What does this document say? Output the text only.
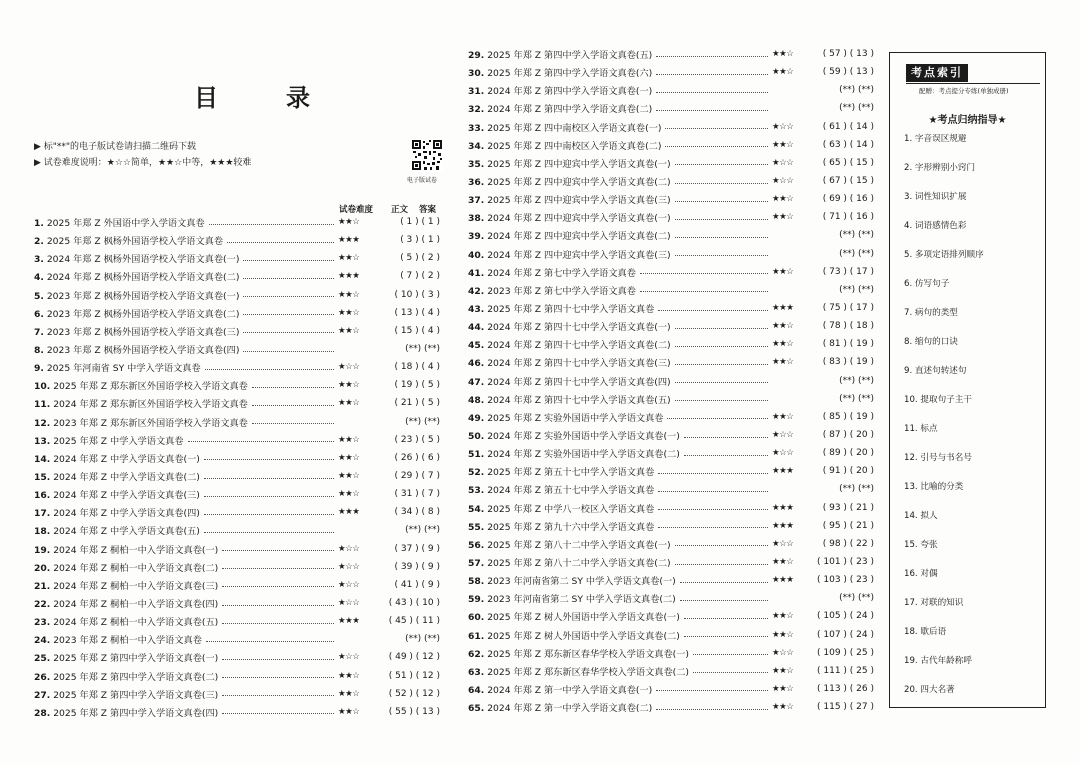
目　录
▶ 标"**"的电子版试卷请扫描二维码下载
▶ 试卷难度说明：★☆☆简单，★★☆中等，★★★较难
电子版试卷
试卷难度 正文 答案
1. 2025 年郑 Z 外国语中学入学语文真卷	★★☆	( 1 ) ( 1 )
2. 2025 年郑 Z 枫杨外国语学校入学语文真卷	★★★	( 3 ) ( 1 )
3. 2024 年郑 Z 枫杨外国语学校入学语文真卷(一)	★★☆	( 5 ) ( 2 )
4. 2024 年郑 Z 枫杨外国语学校入学语文真卷(二)	★★★	( 7 ) ( 2 )
5. 2023 年郑 Z 枫杨外国语学校入学语文真卷(一)	★★☆	( 10 ) ( 3 )
6. 2023 年郑 Z 枫杨外国语学校入学语文真卷(二)	★★☆	( 13 ) ( 4 )
7. 2023 年郑 Z 枫杨外国语学校入学语文真卷(三)	★★☆	( 15 ) ( 4 )
8. 2023 年郑 Z 枫杨外国语学校入学语文真卷(四)	(**) (**)
9. 2025 年河南省 SY 中学入学语文真卷	★☆☆	( 18 ) ( 4 )
10. 2025 年郑 Z 郑东新区外国语学校入学语文真卷	★★☆	( 19 ) ( 5 )
11. 2024 年郑 Z 郑东新区外国语学校入学语文真卷	★★☆	( 21 ) ( 5 )
12. 2023 年郑 Z 郑东新区外国语学校入学语文真卷	(**) (**)
13. 2025 年郑 Z 中学入学语文真卷	★★☆	( 23 ) ( 5 )
14. 2024 年郑 Z 中学入学语文真卷(一)	★★☆	( 26 ) ( 6 )
15. 2024 年郑 Z 中学入学语文真卷(二)	★★☆	( 29 ) ( 7 )
16. 2024 年郑 Z 中学入学语文真卷(三)	★★☆	( 31 ) ( 7 )
17. 2024 年郑 Z 中学入学语文真卷(四)	★★★	( 34 ) ( 8 )
18. 2024 年郑 Z 中学入学语文真卷(五)	(**) (**)
19. 2024 年郑 Z 桐柏一中入学语文真卷(一)	★☆☆	( 37 ) ( 9 )
20. 2024 年郑 Z 桐柏一中入学语文真卷(二)	★☆☆	( 39 ) ( 9 )
21. 2024 年郑 Z 桐柏一中入学语文真卷(三)	★☆☆	( 41 ) ( 9 )
22. 2024 年郑 Z 桐柏一中入学语文真卷(四)	★☆☆	( 43 ) ( 10 )
23. 2024 年郑 Z 桐柏一中入学语文真卷(五)	★★★	( 45 ) ( 11 )
24. 2023 年郑 Z 桐柏一中入学语文真卷	(**) (**)
25. 2025 年郑 Z 第四中学入学语文真卷(一)	★☆☆	( 49 ) ( 12 )
26. 2025 年郑 Z 第四中学入学语文真卷(二)	★★☆	( 51 ) ( 12 )
27. 2025 年郑 Z 第四中学入学语文真卷(三)	★★☆	( 52 ) ( 12 )
28. 2025 年郑 Z 第四中学入学语文真卷(四)	★★☆	( 55 ) ( 13 )
29. 2025 年郑 Z 第四中学入学语文真卷(五)	★★☆	( 57 ) ( 13 )
30. 2025 年郑 Z 第四中学入学语文真卷(六)	★★☆	( 59 ) ( 13 )
31. 2024 年郑 Z 第四中学入学语文真卷(一)	(**) (**)
32. 2024 年郑 Z 第四中学入学语文真卷(二)	(**) (**)
33. 2025 年郑 Z 四中南校区入学语文真卷(一)	★☆☆	( 61 ) ( 14 )
34. 2025 年郑 Z 四中南校区入学语文真卷(二)	★★☆	( 63 ) ( 14 )
35. 2025 年郑 Z 四中迎宾中学入学语文真卷(一)	★☆☆	( 65 ) ( 15 )
36. 2025 年郑 Z 四中迎宾中学入学语文真卷(二)	★☆☆	( 67 ) ( 15 )
37. 2025 年郑 Z 四中迎宾中学入学语文真卷(三)	★★☆	( 69 ) ( 16 )
38. 2024 年郑 Z 四中迎宾中学入学语文真卷(一)	★★☆	( 71 ) ( 16 )
39. 2024 年郑 Z 四中迎宾中学入学语文真卷(二)	(**) (**)
40. 2024 年郑 Z 四中迎宾中学入学语文真卷(三)	(**) (**)
41. 2024 年郑 Z 第七中学入学语文真卷	★★☆	( 73 ) ( 17 )
42. 2023 年郑 Z 第七中学入学语文真卷	(**) (**)
43. 2025 年郑 Z 第四十七中学入学语文真卷	★★★	( 75 ) ( 17 )
44. 2024 年郑 Z 第四十七中学入学语文真卷(一)	★★☆	( 78 ) ( 18 )
45. 2024 年郑 Z 第四十七中学入学语文真卷(二)	★★☆	( 81 ) ( 19 )
46. 2024 年郑 Z 第四十七中学入学语文真卷(三)	★★☆	( 83 ) ( 19 )
47. 2024 年郑 Z 第四十七中学入学语文真卷(四)	(**) (**)
48. 2024 年郑 Z 第四十七中学入学语文真卷(五)	(**) (**)
49. 2025 年郑 Z 实验外国语中学入学语文真卷	★★☆	( 85 ) ( 19 )
50. 2024 年郑 Z 实验外国语中学入学语文真卷(一)	★☆☆	( 87 ) ( 20 )
51. 2024 年郑 Z 实验外国语中学入学语文真卷(二)	★☆☆	( 89 ) ( 20 )
52. 2025 年郑 Z 第五十七中学入学语文真卷	★★★	( 91 ) ( 20 )
53. 2024 年郑 Z 第五十七中学入学语文真卷	(**) (**)
54. 2025 年郑 Z 中学八一校区入学语文真卷	★★★	( 93 ) ( 21 )
55. 2025 年郑 Z 第九十六中学入学语文真卷	★★★	( 95 ) ( 21 )
56. 2025 年郑 Z 第八十二中学入学语文真卷(一)	★☆☆	( 98 ) ( 22 )
57. 2025 年郑 Z 第八十二中学入学语文真卷(二)	★★☆	( 101 ) ( 23 )
58. 2023 年河南省第二 SY 中学入学语文真卷(一)	★★★	( 103 ) ( 23 )
59. 2023 年河南省第二 SY 中学入学语文真卷(二)	(**) (**)
60. 2025 年郑 Z 树人外国语中学入学语文真卷(一)	★★☆	( 105 ) ( 24 )
61. 2025 年郑 Z 树人外国语中学入学语文真卷(二)	★★☆	( 107 ) ( 24 )
62. 2025 年郑 Z 郑东新区春华学校入学语文真卷(一)	★☆☆	( 109 ) ( 25 )
63. 2025 年郑 Z 郑东新区春华学校入学语文真卷(二)	★★☆	( 111 ) ( 25 )
64. 2024 年郑 Z 第一中学入学语文真卷(一)	★★☆	( 113 ) ( 26 )
65. 2024 年郑 Z 第一中学入学语文真卷(二)	★★☆	( 115 ) ( 27 )
考点索引
配赠：考点提分专练(单独成册)
★考点归纳指导★
1. 字音误区规避
2. 字形辨别小窍门
3. 词性知识扩展
4. 词语感情色彩
5. 多项定语排列顺序
6. 仿写句子
7. 病句的类型
8. 缩句的口诀
9. 直述句转述句
10. 提取句子主干
11. 标点
12. 引号与书名号
13. 比喻的分类
14. 拟人
15. 夸张
16. 对偶
17. 对联的知识
18. 歇后语
19. 古代年龄称呼
20. 四大名著
